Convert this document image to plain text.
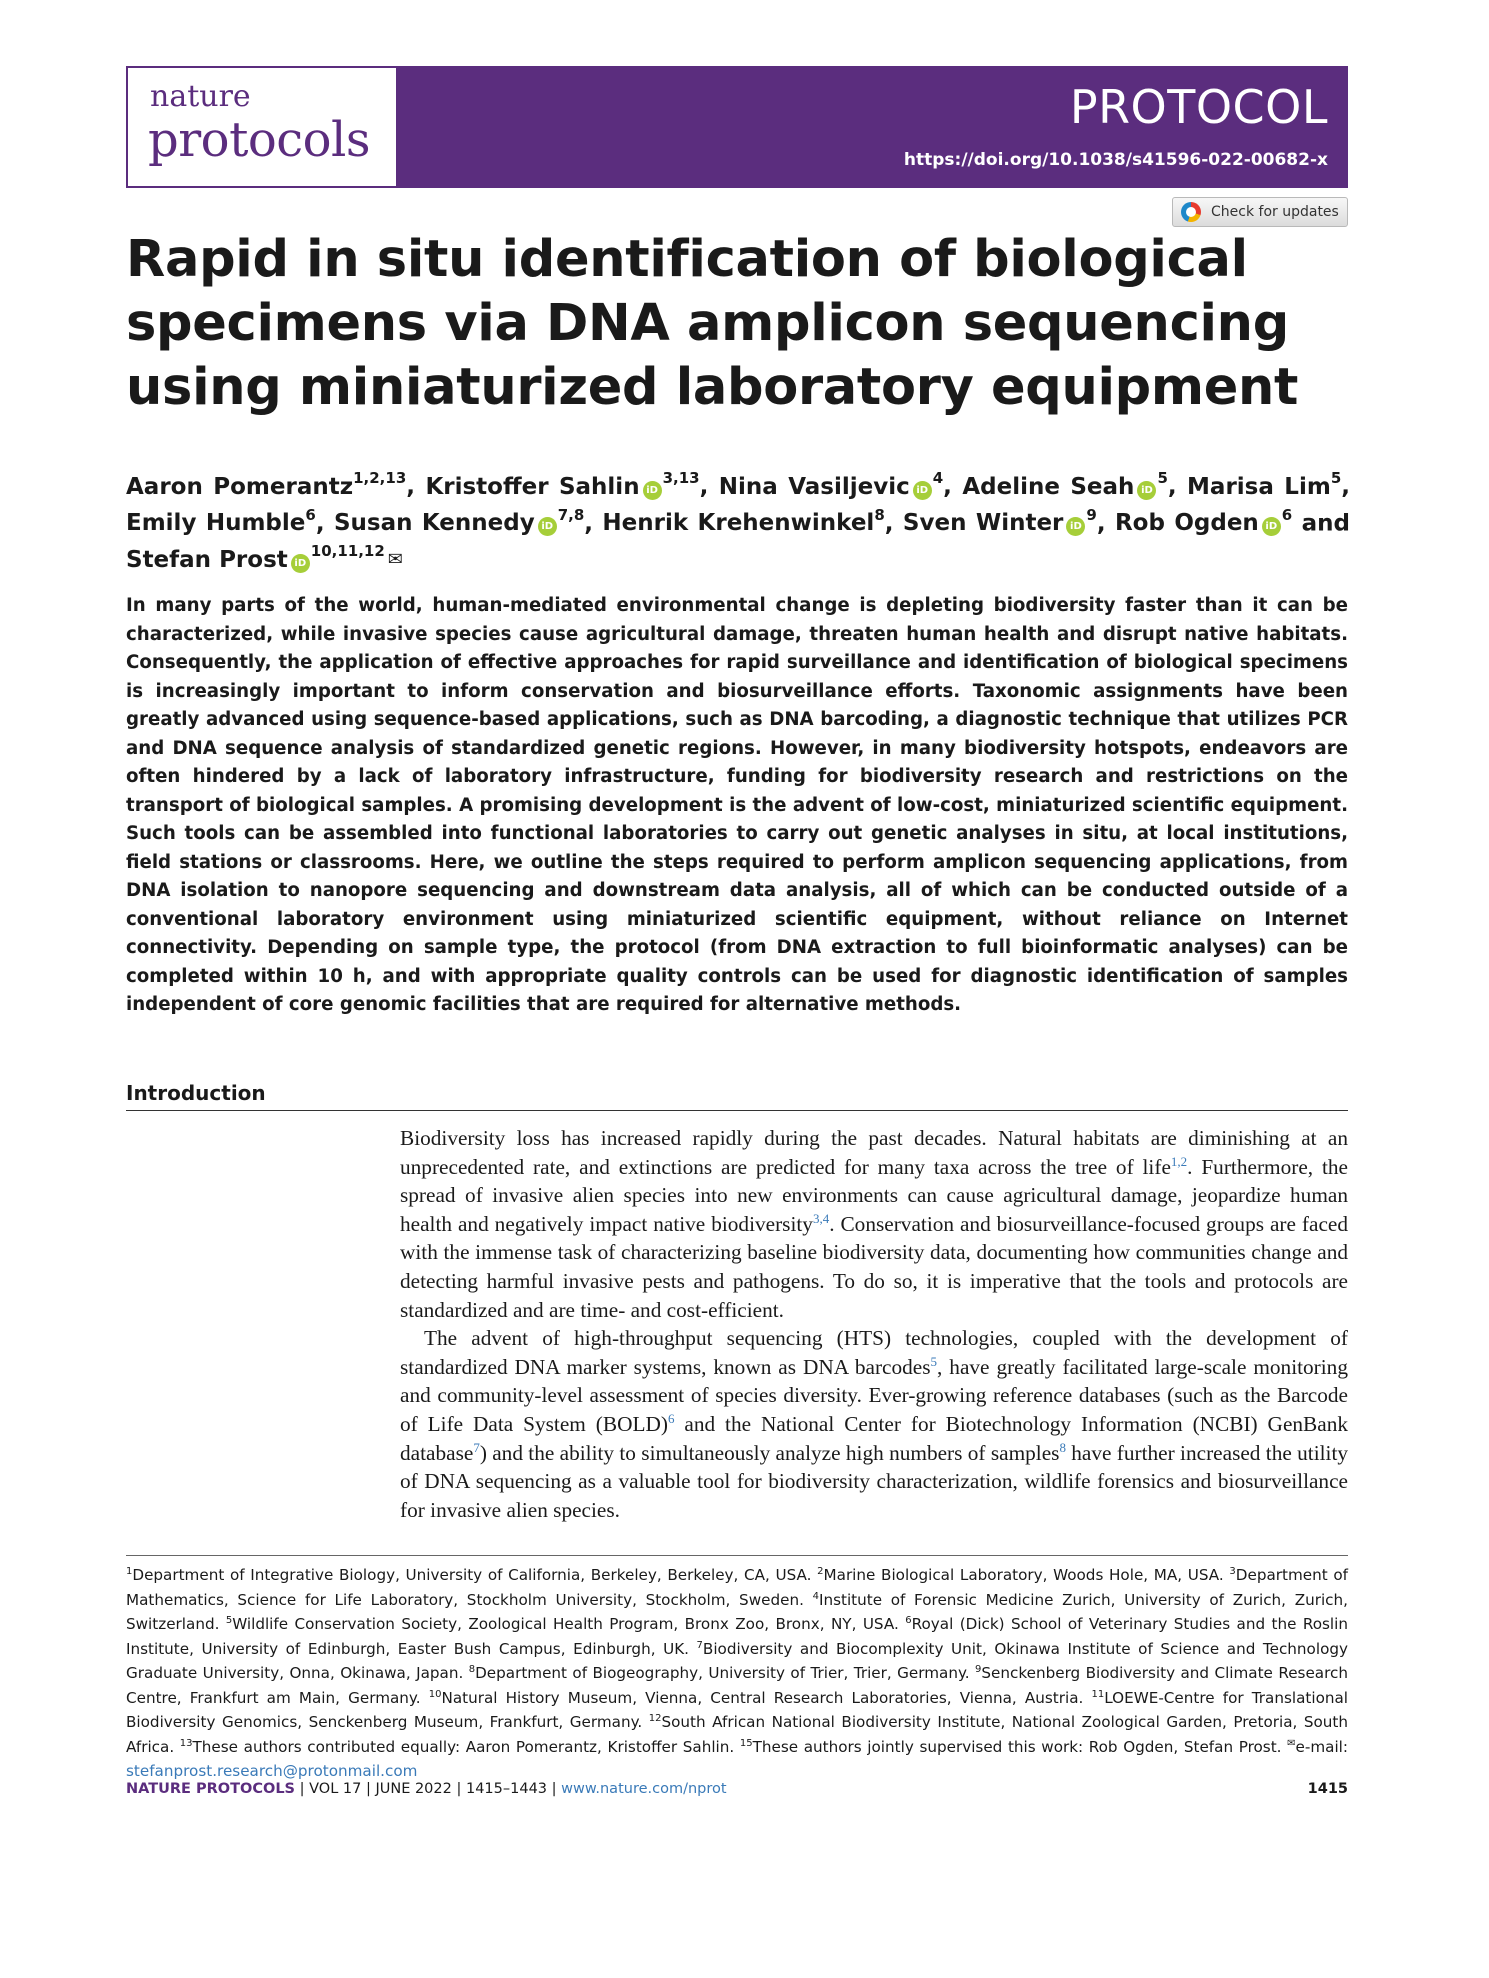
nature
protocols
PROTOCOL
https://doi.org/10.1038/s41596-022-00682-x
Check for updates
Rapid in situ identification of biological specimens via DNA amplicon sequencing using miniaturized laboratory equipment
Aaron Pomerantz$^{1,2,13}$, Kristoffer Sahlin iD$^{3,13}$, Nina Vasiljevic $iD^4$, Adeline Seah $iD^5$, Marisa Lim$^5$, Emily Humble$^6$, Susan Kennedy iD$^{7,8}$, Henrik Krehenwinkel$^8$, Sven Winter $iD^9$, Rob Ogden $iD^6$ and Stefan Prost iD$^{10,11,12}$ ✉

In many parts of the world, human-mediated environmental change is depleting biodiversity faster than it can be characterized, while invasive species cause agricultural damage, threaten human health and disrupt native habitats. Consequently, the application of effective approaches for rapid surveillance and identification of biological specimens is increasingly important to inform conservation and biosurveillance efforts. Taxonomic assignments have been greatly advanced using sequence-based applications, such as DNA barcoding, a diagnostic technique that utilizes PCR and DNA sequence analysis of standardized genetic regions. However, in many biodiversity hotspots, endeavors are often hindered by a lack of laboratory infrastructure, funding for biodiversity research and restrictions on the transport of biological samples. A promising development is the advent of low-cost, miniaturized scientific equipment. Such tools can be assembled into functional laboratories to carry out genetic analyses in situ, at local institutions, field stations or classrooms. Here, we outline the steps required to perform amplicon sequencing applications, from DNA isolation to nanopore sequencing and downstream data analysis, all of which can be conducted outside of a conventional laboratory environment using miniaturized scientific equipment, without reliance on Internet connectivity. Depending on sample type, the protocol (from DNA extraction to full bioinformatic analyses) can be completed within 10 h, and with appropriate quality controls can be used for diagnostic identification of samples independent of core genomic facilities that are required for alternative methods.

Introduction

Biodiversity loss has increased rapidly during the past decades. Natural habitats are diminishing at an unprecedented rate, and extinctions are predicted for many taxa across the tree of life$^{1,2}$. Furthermore, the spread of invasive alien species into new environments can cause agricultural damage, jeopardize human health and negatively impact native biodiversity$^{3,4}$. Conservation and biosurveillance-focused groups are faced with the immense task of characterizing baseline biodiversity data, documenting how communities change and detecting harmful invasive pests and pathogens. To do so, it is imperative that the tools and protocols are standardized and are time- and cost-efficient.

The advent of high-throughput sequencing (HTS) technologies, coupled with the development of standardized DNA marker systems, known as DNA barcodes$^5$, have greatly facilitated large-scale monitoring and community-level assessment of species diversity. Ever-growing reference databases (such as the Barcode of Life Data System (BOLD)$^6$ and the National Center for Biotechnology Information (NCBI) GenBank database$^7$) and the ability to simultaneously analyze high numbers of samples$^8$ have further increased the utility of DNA sequencing as a valuable tool for biodiversity characterization, wildlife forensics and biosurveillance for invasive alien species.

$^1$Department of Integrative Biology, University of California, Berkeley, Berkeley, CA, USA. $^2$Marine Biological Laboratory, Woods Hole, MA, USA. $^3$Department of Mathematics, Science for Life Laboratory, Stockholm University, Stockholm, Sweden. $^4$Institute of Forensic Medicine Zurich, University of Zurich, Zurich, Switzerland. $^5$Wildlife Conservation Society, Zoological Health Program, Bronx Zoo, Bronx, NY, USA. $^6$Royal (Dick) School of Veterinary Studies and the Roslin Institute, University of Edinburgh, Easter Bush Campus, Edinburgh, UK. $^7$Biodiversity and Biocomplexity Unit, Okinawa Institute of Science and Technology Graduate University, Onna, Okinawa, Japan. $^8$Department of Biogeography, University of Trier, Trier, Germany. $^9$Senckenberg Biodiversity and Climate Research Centre, Frankfurt am Main, Germany. $^{10}$Natural History Museum, Vienna, Central Research Laboratories, Vienna, Austria. $^{11}$LOEWE-Centre for Translational Biodiversity Genomics, Senckenberg Museum, Frankfurt, Germany. $^{12}$South African National Biodiversity Institute, National Zoological Garden, Pretoria, South Africa. $^{13}$These authors contributed equally: Aaron Pomerantz, Kristoffer Sahlin. $^{15}$These authors jointly supervised this work: Rob Ogden, Stefan Prost. ✉e-mail: stefanprost.research@protonmail.com
NATURE PROTOCOLS | VOL 17 | JUNE 2022 | 1415–1443 | www.nature.com/nprot	1415
